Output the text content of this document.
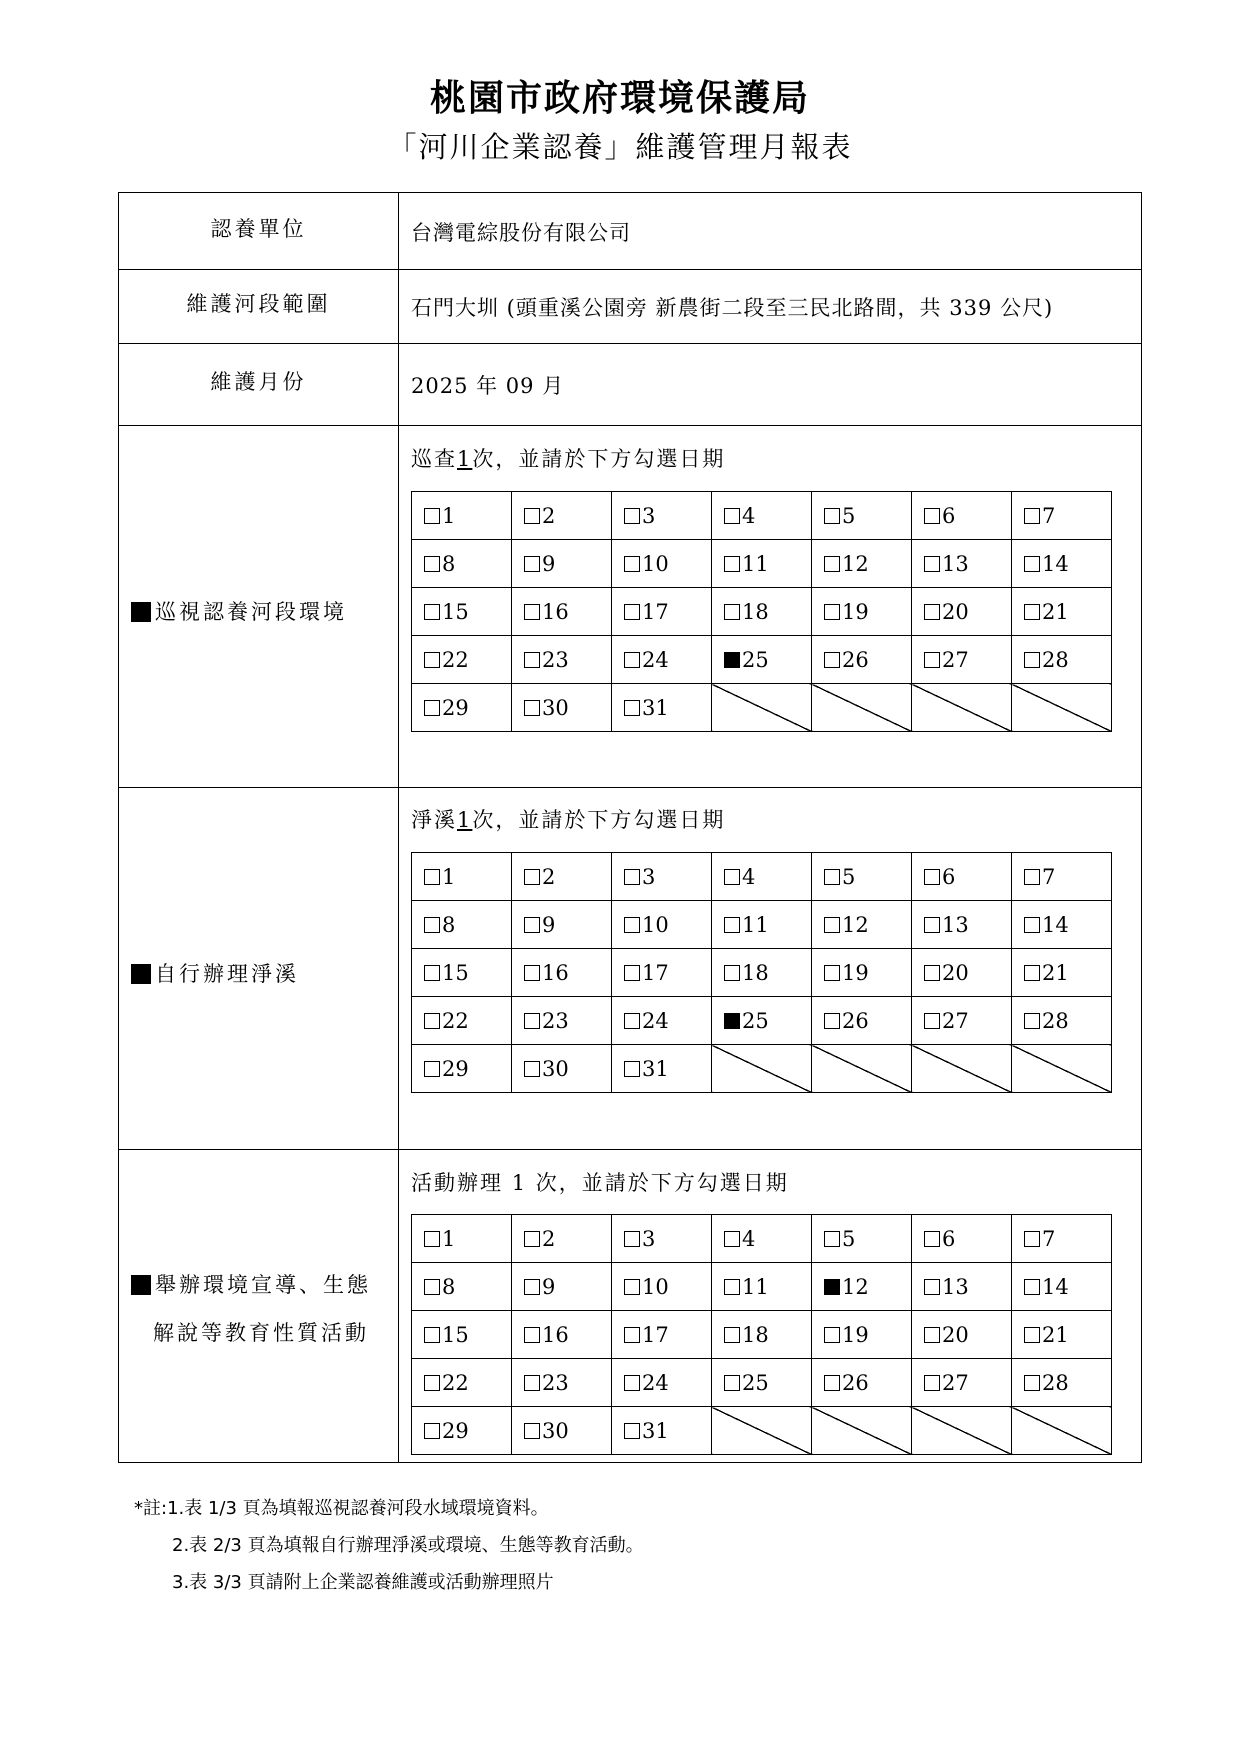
桃園市政府環境保護局
「河川企業認養」維護管理月報表
認養單位	台灣電綜股份有限公司
維護河段範圍	石門大圳 (頭重溪公園旁 新農街二段至三民北路間，共 339 公尺)
維護月份	2025 年 09 月
巡視認養河段環境
巡查1次，並請於下方勾選日期
1	2	3	4	5	6	7
8	9	10	11	12	13	14
15	16	17	18	19	20	21
22	23	24	25	26	27	28
29	30	31				
自行辦理淨溪
淨溪1次，並請於下方勾選日期
1	2	3	4	5	6	7
8	9	10	11	12	13	14
15	16	17	18	19	20	21
22	23	24	25	26	27	28
29	30	31				
舉辦環境宣導、生態
解說等教育性質活動
活動辦理 1 次，並請於下方勾選日期
1	2	3	4	5	6	7
8	9	10	11	12	13	14
15	16	17	18	19	20	21
22	23	24	25	26	27	28
29	30	31				
*註:1.表 1/3 頁為填報巡視認養河段水域環境資料。
2.表 2/3 頁為填報自行辦理淨溪或環境、生態等教育活動。
3.表 3/3 頁請附上企業認養維護或活動辦理照片
